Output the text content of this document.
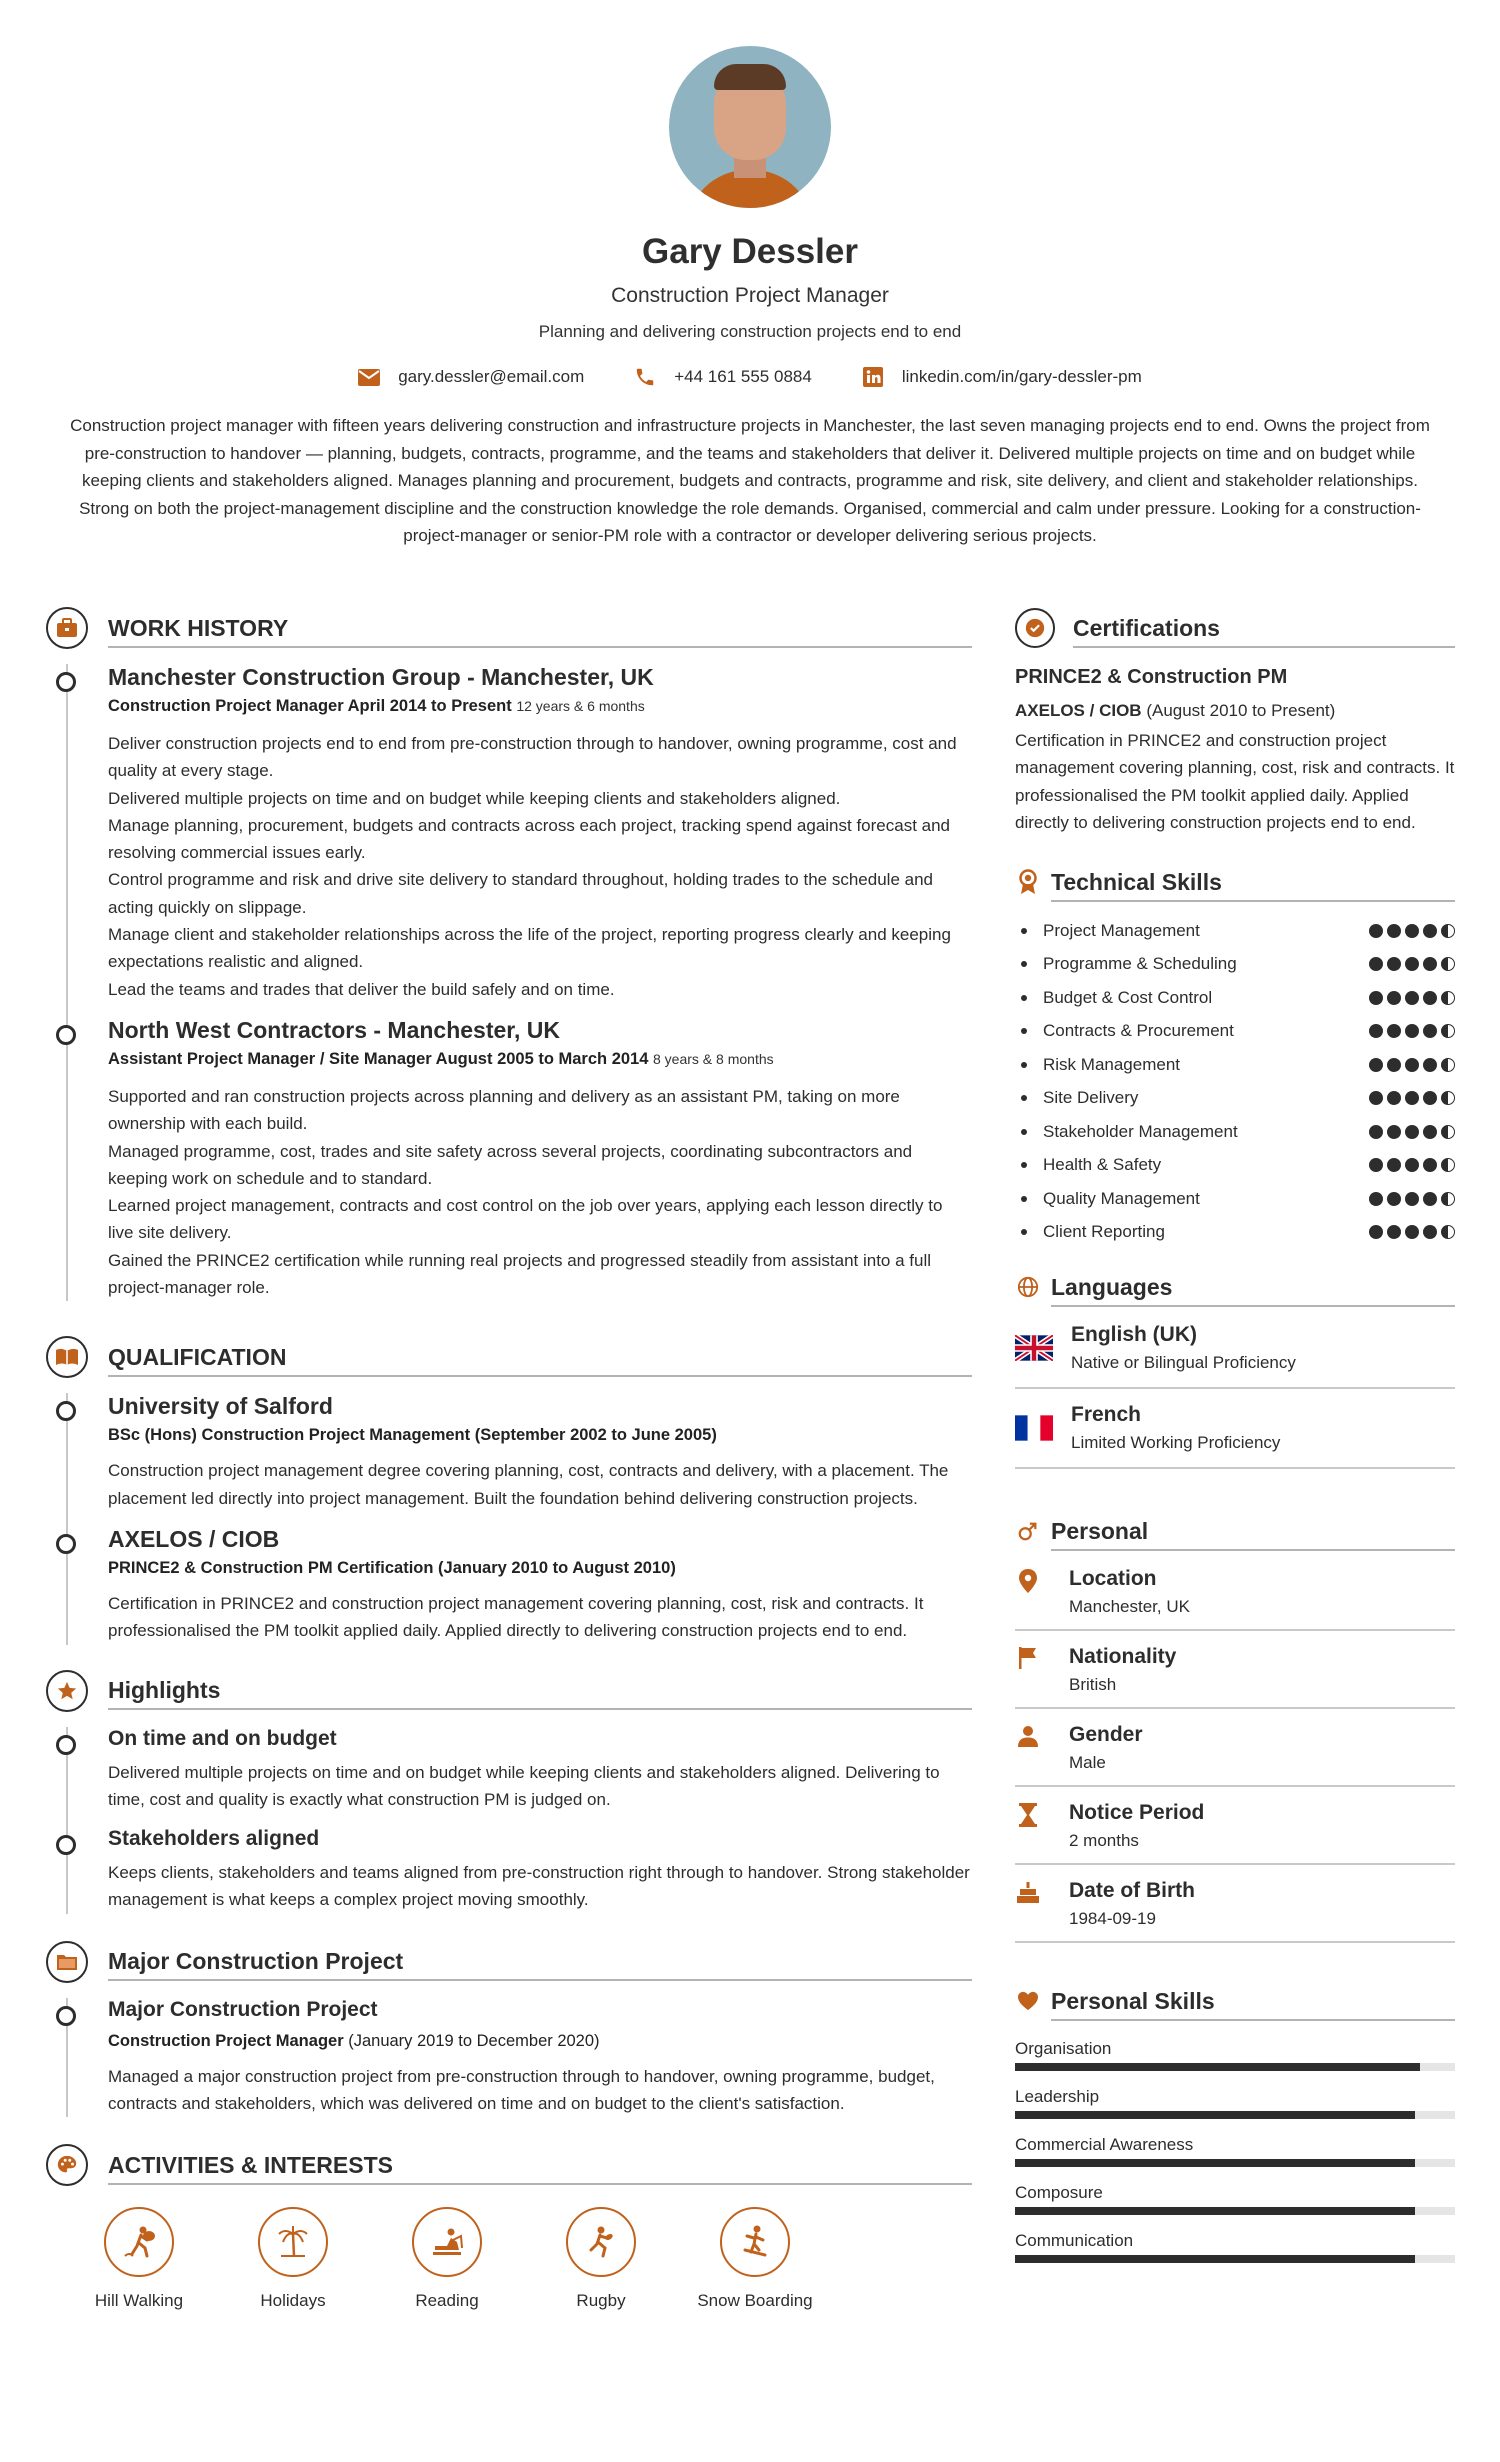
Gary Dessler
Construction Project Manager
Planning and delivering construction projects end to end
gary.dessler@email.com	+44 161 555 0884	linkedin.com/in/gary-dessler-pm

Construction project manager with fifteen years delivering construction and infrastructure projects in Manchester, the last seven managing projects end to end. Owns the project from pre-construction to handover — planning, budgets, contracts, programme, and the teams and stakeholders that deliver it. Delivered multiple projects on time and on budget while keeping clients and stakeholders aligned. Manages planning and procurement, budgets and contracts, programme and risk, site delivery, and client and stakeholder relationships. Strong on both the project-management discipline and the construction knowledge the role demands. Organised, commercial and calm under pressure. Looking for a construction-project-manager or senior-PM role with a contractor or developer delivering serious projects.

WORK HISTORY
Manchester Construction Group - Manchester, UK
Construction Project Manager April 2014 to Present 12 years & 6 months
Deliver construction projects end to end from pre-construction through to handover, owning programme, cost and quality at every stage.
Delivered multiple projects on time and on budget while keeping clients and stakeholders aligned.
Manage planning, procurement, budgets and contracts across each project, tracking spend against forecast and resolving commercial issues early.
Control programme and risk and drive site delivery to standard throughout, holding trades to the schedule and acting quickly on slippage.
Manage client and stakeholder relationships across the life of the project, reporting progress clearly and keeping expectations realistic and aligned.
Lead the teams and trades that deliver the build safely and on time.
North West Contractors - Manchester, UK
Assistant Project Manager / Site Manager August 2005 to March 2014 8 years & 8 months
Supported and ran construction projects across planning and delivery as an assistant PM, taking on more ownership with each build.
Managed programme, cost, trades and site safety across several projects, coordinating subcontractors and keeping work on schedule and to standard.
Learned project management, contracts and cost control on the job over years, applying each lesson directly to live site delivery.
Gained the PRINCE2 certification while running real projects and progressed steadily from assistant into a full project-manager role.
QUALIFICATION
University of Salford
BSc (Hons) Construction Project Management (September 2002 to June 2005)
Construction project management degree covering planning, cost, contracts and delivery, with a placement. The placement led directly into project management. Built the foundation behind delivering construction projects.
AXELOS / CIOB
PRINCE2 & Construction PM Certification (January 2010 to August 2010)
Certification in PRINCE2 and construction project management covering planning, cost, risk and contracts. It professionalised the PM toolkit applied daily. Applied directly to delivering construction projects end to end.
Highlights
On time and on budget
Delivered multiple projects on time and on budget while keeping clients and stakeholders aligned. Delivering to time, cost and quality is exactly what construction PM is judged on.
Stakeholders aligned
Keeps clients, stakeholders and teams aligned from pre-construction right through to handover. Strong stakeholder management is what keeps a complex project moving smoothly.
Major Construction Project
Major Construction Project
Construction Project Manager (January 2019 to December 2020)
Managed a major construction project from pre-construction through to handover, owning programme, budget, contracts and stakeholders, which was delivered on time and on budget to the client's satisfaction.
ACTIVITIES & INTERESTS
Hill Walking	Holidays	Reading	Rugby	Snow Boarding
Certifications
PRINCE2 & Construction PM
AXELOS / CIOB (August 2010 to Present)
Certification in PRINCE2 and construction project management covering planning, cost, risk and contracts. It professionalised the PM toolkit applied daily. Applied directly to delivering construction projects end to end.
Technical Skills
Project Management
Programme & Scheduling
Budget & Cost Control
Contracts & Procurement
Risk Management
Site Delivery
Stakeholder Management
Health & Safety
Quality Management
Client Reporting
Languages
English (UK)
Native or Bilingual Proficiency
French
Limited Working Proficiency
Personal
Location
Manchester, UK
Nationality
British
Gender
Male
Notice Period
2 months
Date of Birth
1984-09-19
Personal Skills
Organisation
Leadership
Commercial Awareness
Composure
Communication
